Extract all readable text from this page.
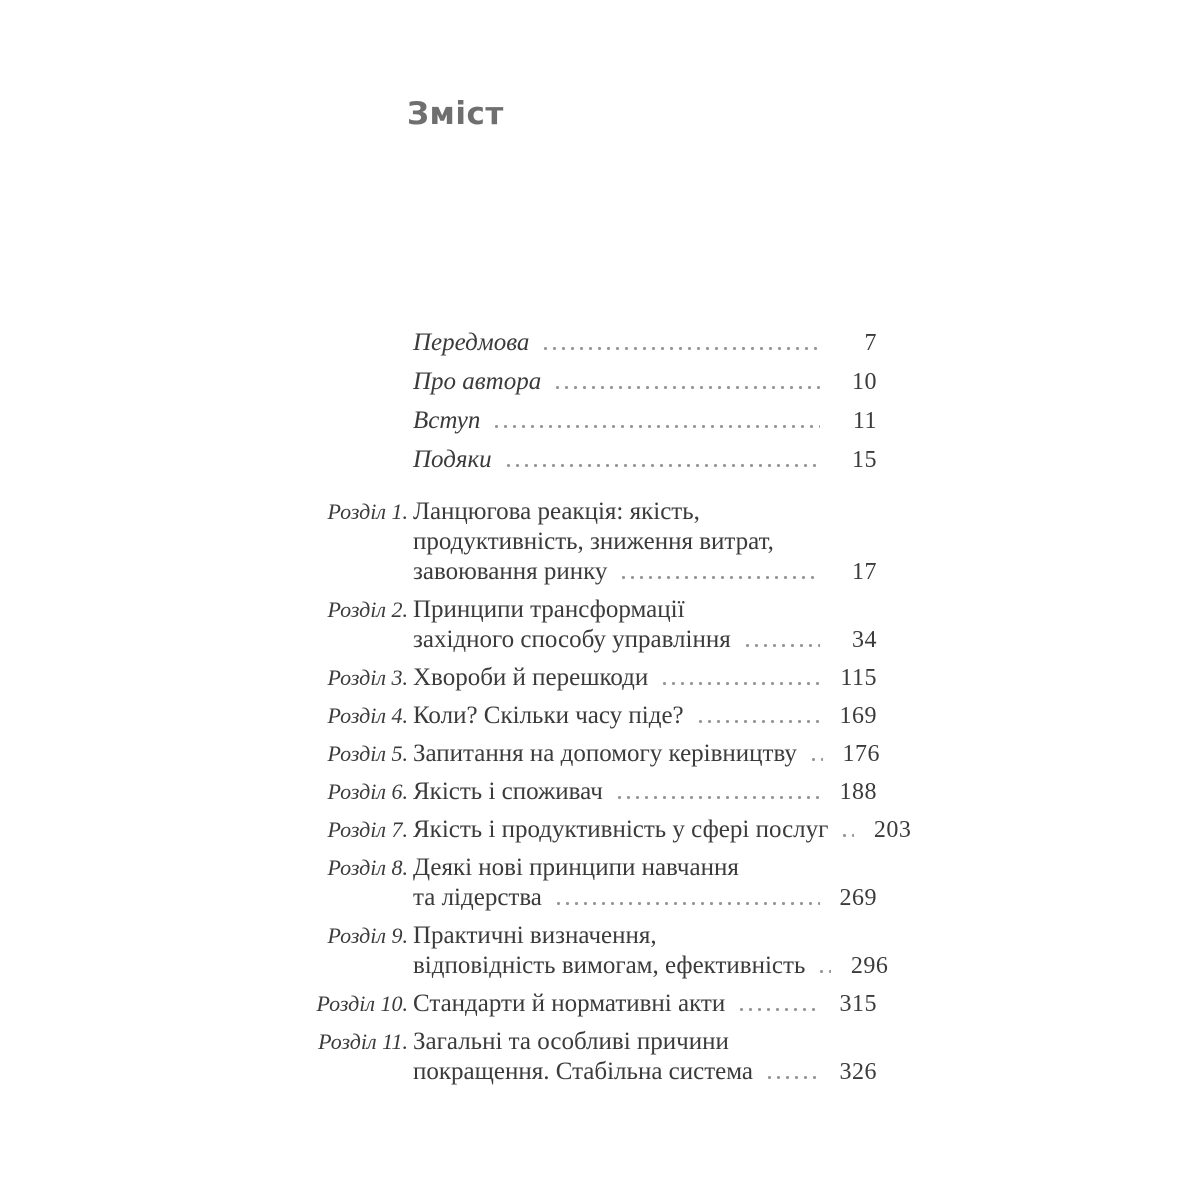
Зміст
Передмова	7
Про автора	10
Вступ	11
Подяки	15
Розділ 1. Ланцюгова реакція: якість,
продуктивність, зниження витрат,
завоювання ринку	17
Розділ 2. Принципи трансформації
західного способу управління	34
Розділ 3. Хвороби й перешкоди	115
Розділ 4. Коли? Скільки часу піде?	169
Розділ 5. Запитання на допомогу керівництву	176
Розділ 6. Якість і споживач	188
Розділ 7. Якість і продуктивність у сфері послуг	203
Розділ 8. Деякі нові принципи навчання
та лідерства	269
Розділ 9. Практичні визначення,
відповідність вимогам, ефективність	296
Розділ 10. Стандарти й нормативні акти	315
Розділ 11. Загальні та особливі причини
покращення. Стабільна система	326
